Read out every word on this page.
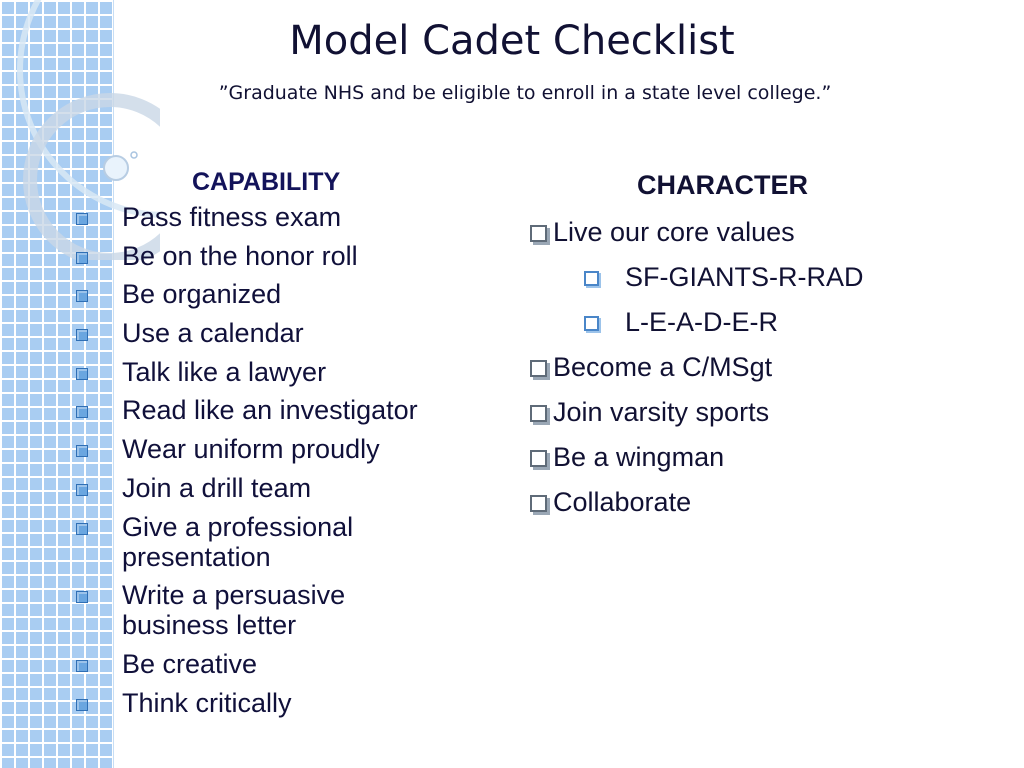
Model Cadet Checklist

”Graduate NHS and be eligible to enroll in a state level college.”

CAPABILITY
Pass fitness exam
Be on the honor roll
Be organized
Use a calendar
Talk like a lawyer
Read like an investigator
Wear uniform proudly
Join a drill team
Give a professional presentation
Write a persuasive business letter
Be creative
Think critically
CHARACTER
Live our core values
SF-GIANTS-R-RAD
L-E-A-D-E-R
Become a C/MSgt
Join varsity sports
Be a wingman
Collaborate
